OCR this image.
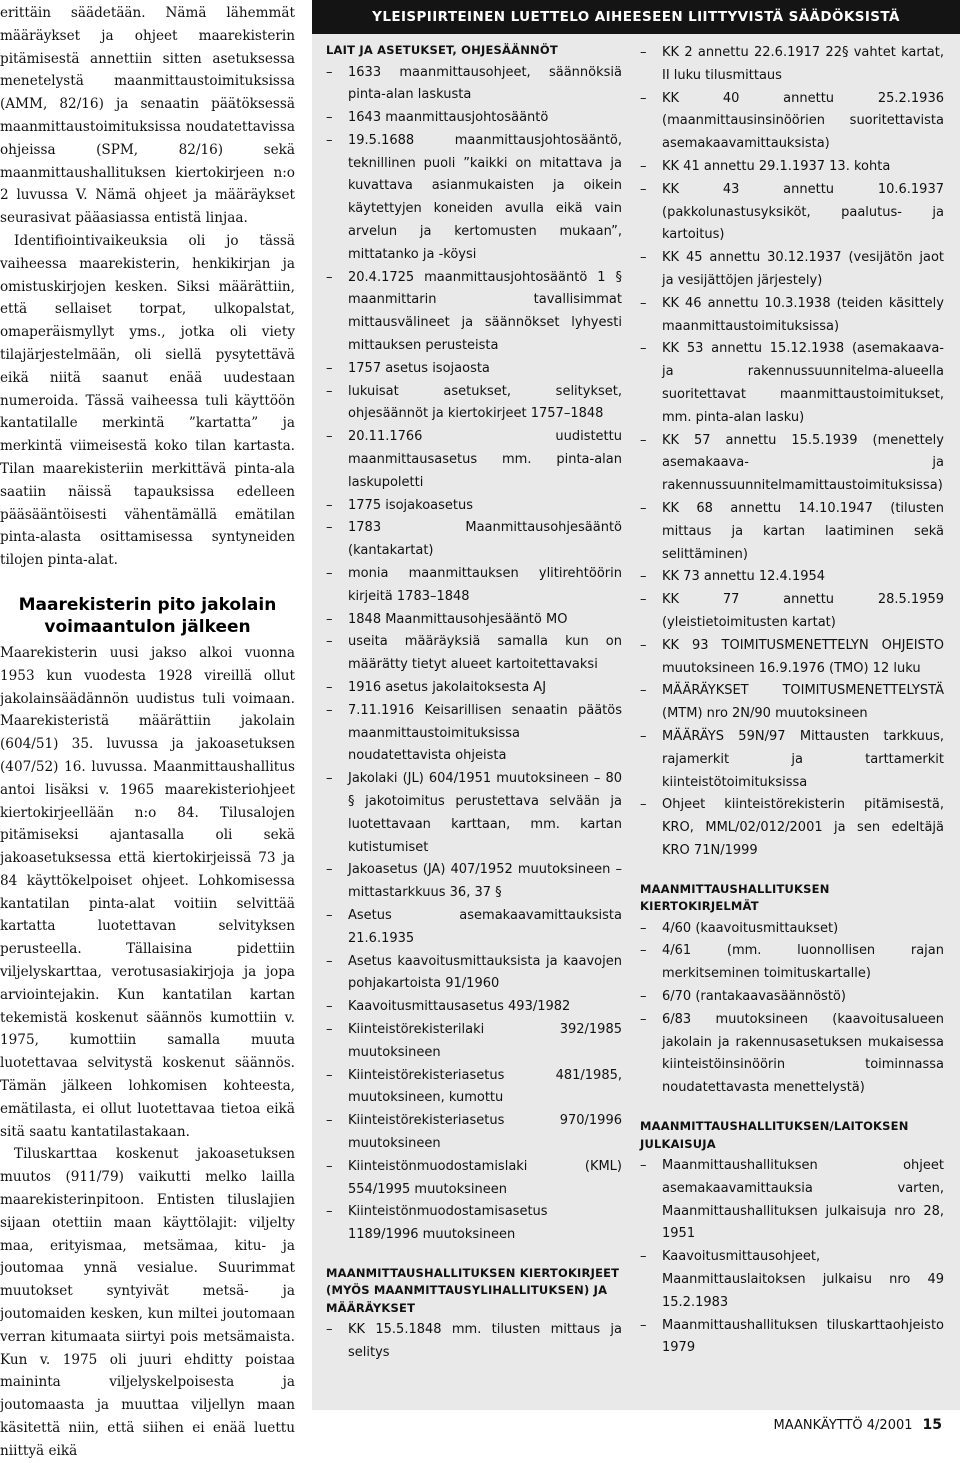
erittäin säädetään. Nämä lähemmät määräykset ja ohjeet maarekisterin pitämisestä annettiin sitten asetuksessa menetelystä maanmittaustoimituksissa (AMM, 82/16) ja senaatin päätöksessä maanmittaustoimituksissa noudatettavissa ohjeissa (SPM, 82/16) sekä maanmittaushallituksen kiertokirjeen n:o 2 luvussa V. Nämä ohjeet ja määräykset seurasivat pääasiassa entistä linjaa.

Identifiointivaikeuksia oli jo tässä vaiheessa maarekisterin, henkikirjan ja omistuskirjojen kesken. Siksi määrättiin, että sellaiset torpat, ulkopalstat, omaperäismyllyt yms., jotka oli viety tilajärjestelmään, oli siellä pysytettävä eikä niitä saanut enää uudestaan numeroida. Tässä vaiheessa tuli käyttöön kantatilalle merkintä ”kartatta” ja merkintä viimeisestä koko tilan kartasta. Tilan maarekisteriin merkittävä pinta-ala saatiin näissä tapauksissa edelleen pääsääntöisesti vähentämällä emätilan pinta-alasta osittamisessa syntyneiden tilojen pinta-alat.

Maarekisterin pito jakolain voimaantulon jälkeen

Maarekisterin uusi jakso alkoi vuonna 1953 kun vuodesta 1928 vireillä ollut jakolainsäädännön uudistus tuli voimaan. Maarekisteristä määrättiin jakolain (604/51) 35. luvussa ja jakoasetuksen (407/52) 16. luvussa. Maanmittaushallitus antoi lisäksi v. 1965 maarekisteriohjeet kiertokirjeellään n:o 84. Tilusalojen pitämiseksi ajantasalla oli sekä jakoasetuksessa että kiertokirjeissä 73 ja 84 käyttökelpoiset ohjeet. Lohkomisessa kantatilan pinta-alat voitiin selvittää kartatta luotettavan selvityksen perusteella. Tällaisina pidettiin viljelyskarttaa, verotusasiakirjoja ja jopa arviointejakin. Kun kantatilan kartan tekemistä koskenut säännös kumottiin v. 1975, kumottiin samalla muuta luotettavaa selvitystä koskenut säännös. Tämän jälkeen lohkomisen kohteesta, emätilasta, ei ollut luotettavaa tietoa eikä sitä saatu kantatilastakaan.

Tiluskarttaa koskenut jakoasetuksen muutos (911/79) vaikutti melko lailla maarekisterinpitoon. Entisten tiluslajien sijaan otettiin maan käyttölajit: viljelty maa, erityismaa, metsämaa, kitu- ja joutomaa ynnä vesialue. Suurimmat muutokset syntyivät metsä- ja joutomaiden kesken, kun miltei joutomaan verran kitumaata siirtyi pois metsämaista. Kun v. 1975 oli juuri ehditty poistaa maininta viljelyskelpoisesta ja joutomaasta ja muuttaa viljellyn maan käsitettä niin, että siihen ei enää luettu niittyä eikä

YLEISPIIRTEINEN LUETTELO AIHEESEEN LIITTYVISTÄ SÄÄDÖKSISTÄ
LAIT JA ASETUKSET, OHJESÄÄNNÖT
– 1633 maanmittausohjeet, säännöksiä pinta-alan laskusta
– 1643 maanmittausjohtosääntö
– 19.5.1688 maanmittausjohtosääntö, teknillinen puoli ”kaikki on mitattava ja kuvattava asianmukaisten ja oikein käytettyjen koneiden avulla eikä vain arvelun ja kertomusten mukaan”, mittatanko ja -köysi
– 20.4.1725 maanmittausjohtosääntö 1 § maanmittarin tavallisimmat mittausvälineet ja säännökset lyhyesti mittauksen perusteista
– 1757 asetus isojaosta
– lukuisat asetukset, selitykset, ohjesäännöt ja kiertokirjeet 1757–1848
– 20.11.1766 uudistettu maanmittausasetus mm. pinta-alan laskupoletti
– 1775 isojakoasetus
– 1783 Maanmittausohjesääntö (kantakartat)
– monia maanmittauksen ylitirehtöörin kirjeitä 1783–1848
– 1848 Maanmittausohjesääntö MO
– useita määräyksiä samalla kun on määrätty tietyt alueet kartoitettavaksi
– 1916 asetus jakolaitoksesta AJ
– 7.11.1916 Keisarillisen senaatin päätös maanmittaustoimituksissa noudatettavista ohjeista
– Jakolaki (JL) 604/1951 muutoksineen – 80 § jakotoimitus perustettava selvään ja luotettavaan karttaan, mm. kartan kutistumiset
– Jakoasetus (JA) 407/1952 muutoksineen – mittastarkkuus 36, 37 §
– Asetus asemakaavamittauksista 21.6.1935
– Asetus kaavoitusmittauksista ja kaavojen pohjakartoista 91/1960
– Kaavoitusmittausasetus 493/1982
– Kiinteistörekisterilaki 392/1985 muutoksineen
– Kiinteistörekisteriasetus 481/1985, muutoksineen, kumottu
– Kiinteistörekisteriasetus 970/1996 muutoksineen
– Kiinteistönmuodostamislaki (KML) 554/1995 muutoksineen
– Kiinteistönmuodostamisasetus 1189/1996 muutoksineen
MAANMITTAUSHALLITUKSEN KIERTOKIRJEET (MYÖS MAANMITTAUSYLIHALLITUKSEN) JA MÄÄRÄYKSET
– KK 15.5.1848 mm. tilusten mittaus ja selitys
– KK 2 annettu 22.6.1917 22§ vahtet kartat, II luku tilusmittaus
– KK 40 annettu 25.2.1936 (maanmittausinsinöörien suoritettavista asemakaavamittauksista)
– KK 41 annettu 29.1.1937 13. kohta
– KK 43 annettu 10.6.1937 (pakkolunastusyksiköt, paalutus- ja kartoitus)
– KK 45 annettu 30.12.1937 (vesijätön jaot ja vesijättöjen järjestely)
– KK 46 annettu 10.3.1938 (teiden käsittely maanmittaustoimituksissa)
– KK 53 annettu 15.12.1938 (asemakaava- ja rakennussuunnitelma-alueella suoritettavat maanmittaustoimitukset, mm. pinta-alan lasku)
– KK 57 annettu 15.5.1939 (menettely asemakaava- ja rakennussuunnitelmamittaustoimituksissa)
– KK 68 annettu 14.10.1947 (tilusten mittaus ja kartan laatiminen sekä selittäminen)
– KK 73 annettu 12.4.1954
– KK 77 annettu 28.5.1959 (yleistietoimitusten kartat)
– KK 93 TOIMITUSMENETTELYN OHJEISTO muutoksineen 16.9.1976 (TMO) 12 luku
– MÄÄRÄYKSET TOIMITUSMENETTELYSTÄ (MTM) nro 2N/90 muutoksineen
– MÄÄRÄYS 59N/97 Mittausten tarkkuus, rajamerkit ja tarttamerkit kiinteistötoimituksissa
– Ohjeet kiinteistörekisterin pitämisestä, KRO, MML/02/012/2001 ja sen edeltäjä KRO 71N/1999
MAANMITTAUSHALLITUKSEN KIERTOKIRJELMÄT
– 4/60 (kaavoitusmittaukset)
– 4/61 (mm. luonnollisen rajan merkitseminen toimituskartalle)
– 6/70 (rantakaavasäännöstö)
– 6/83 muutoksineen (kaavoitusalueen jakolain ja rakennusasetuksen mukaisessa kiinteistöinsinöörin toiminnassa noudatettavasta menettelystä)
MAANMITTAUSHALLITUKSEN/LAITOKSEN JULKAISUJA
– Maanmittaushallituksen ohjeet asemakaavamittauksia varten, Maanmittaushallituksen julkaisuja nro 28, 1951
– Kaavoitusmittausohjeet, Maanmittauslaitoksen julkaisu nro 49 15.2.1983
– Maanmittaushallituksen tiluskarttaohjeisto 1979
MAANKÄYTTÖ 4/2001 15
